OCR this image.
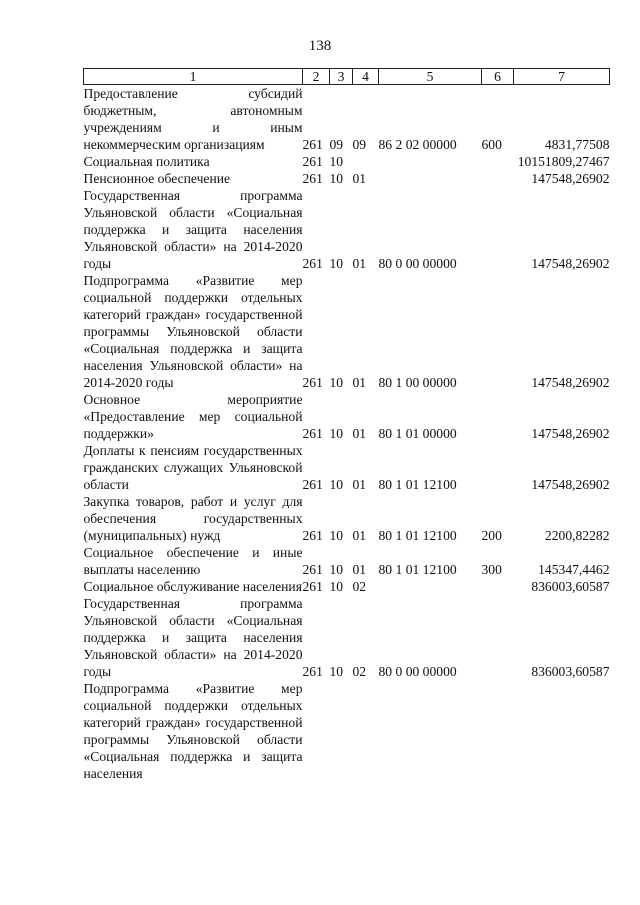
138
1	2	3	4	5	6	7
Предоставление субсидий бюджетным, автономным учреждениям и иным некоммерческим организациям	261	09	09	86 2 02 00000	600	4831,77508
Социальная политика	261	10				10151809,27467
Пенсионное обеспечение	261	10	01			147548,26902
Государственная программа Ульяновской области «Социальная поддержка и защита населения Ульяновской области» на 2014-2020 годы	261	10	01	80 0 00 00000		147548,26902
Подпрограмма «Развитие мер социальной поддержки отдельных категорий граждан» государственной программы Ульяновской области «Социальная поддержка и защита населения Ульяновской области» на 2014-2020 годы	261	10	01	80 1 00 00000		147548,26902
Основное мероприятие «Предоставление мер социальной поддержки»	261	10	01	80 1 01 00000		147548,26902
Доплаты к пенсиям государственных гражданских служащих Ульяновской области	261	10	01	80 1 01 12100		147548,26902
Закупка товаров, работ и услуг для обеспечения государственных (муниципальных) нужд	261	10	01	80 1 01 12100	200	2200,82282
Социальное обеспечение и иные выплаты населению	261	10	01	80 1 01 12100	300	145347,4462
Социальное обслуживание населения	261	10	02			836003,60587
Государственная программа Ульяновской области «Социальная поддержка и защита населения Ульяновской области» на 2014-2020 годы	261	10	02	80 0 00 00000		836003,60587
Подпрограмма «Развитие мер социальной поддержки отдельных категорий граждан» государственной программы Ульяновской области «Социальная поддержка и защита населения						
